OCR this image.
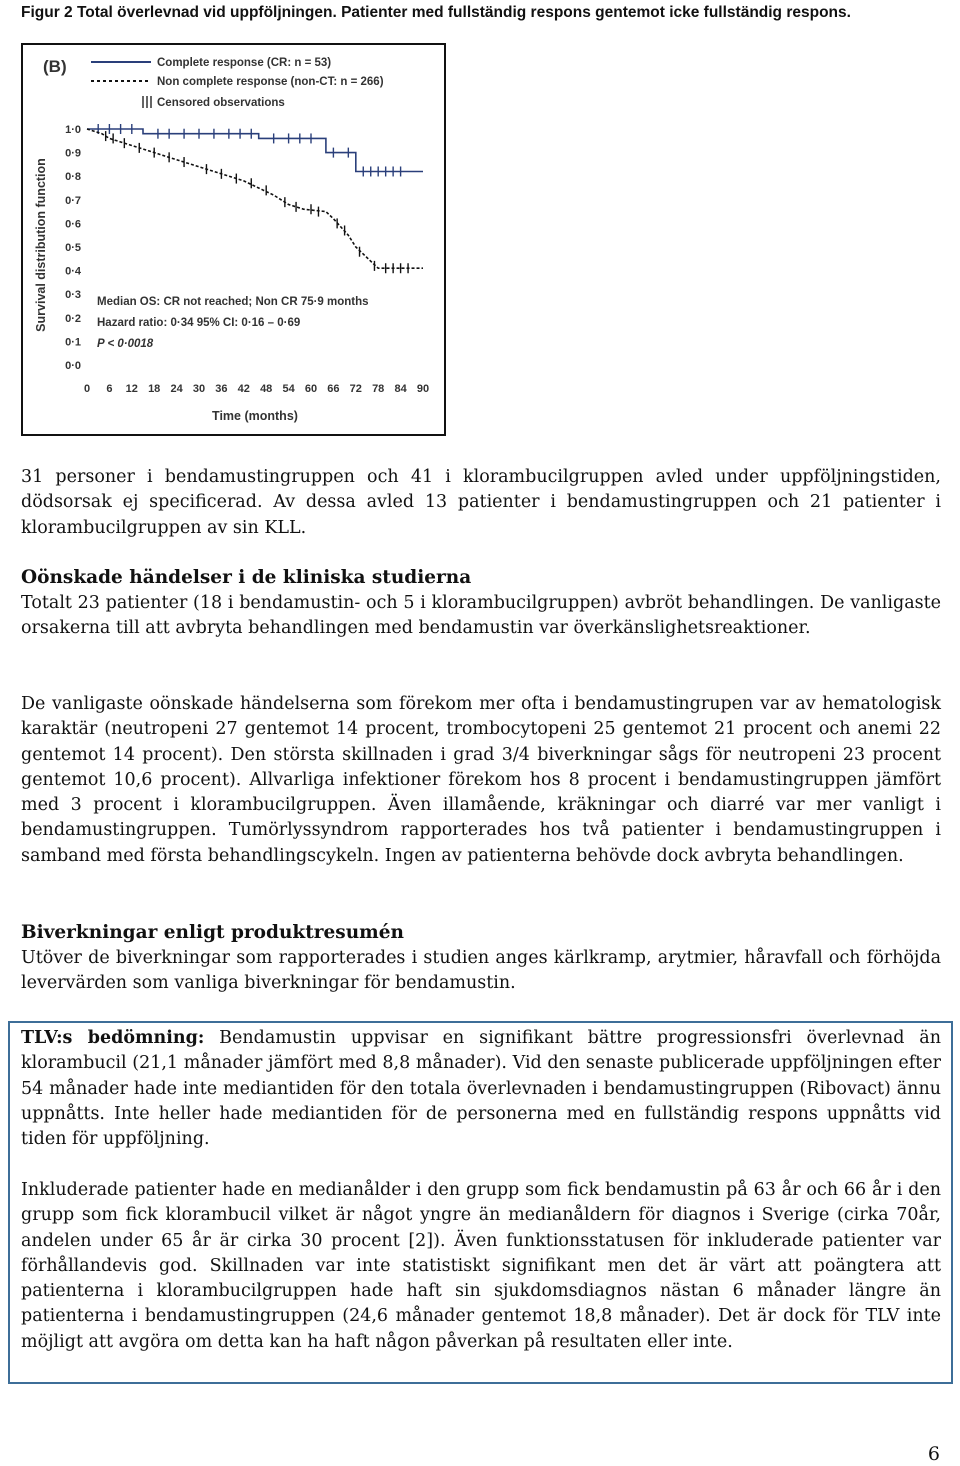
Figur 2 Total överlevnad vid uppföljningen. Patienter med fullständig respons gentemot icke fullständig respons.
(B)	Complete response (CR: n = 53)
Non complete response (non-CT: n = 266)
Censored observations
Survival distribution function
Time (months)
Median OS: CR not reached; Non CR 75·9 months
Hazard ratio: 0·34 95% CI: 0·16 – 0·69
P < 0·0018
0·0
0·1
0·2
0·3
0·4
0·5
0·6
0·7
0·8
0·9
1·0
0 6 12 18 24 30 36 42 48 54 60 66 72 78 84 90

31 personer i bendamustingruppen och 41 i klorambucilgruppen avled under uppföljningstiden, dödsorsak ej specificerad. Av dessa avled 13 patienter i bendamustingruppen och 21 patienter i klorambucilgruppen av sin KLL.

Oönskade händelser i de kliniska studierna

Totalt 23 patienter (18 i bendamustin- och 5 i klorambucilgruppen) avbröt behandlingen. De vanligaste orsakerna till att avbryta behandlingen med bendamustin var överkänslighetsreaktioner.

De vanligaste oönskade händelserna som förekom mer ofta i bendamustingrupen var av hematologisk karaktär (neutropeni 27 gentemot 14 procent, trombocytopeni 25 gentemot 21 procent och anemi 22 gentemot 14 procent). Den största skillnaden i grad 3/4 biverkningar sågs för neutropeni 23 procent gentemot 10,6 procent). Allvarliga infektioner förekom hos 8 procent i bendamustingruppen jämfört med 3 procent i klorambucilgruppen. Även illamående, kräkningar och diarré var mer vanligt i bendamustingruppen. Tumörlyssyndrom rapporterades hos två patienter i bendamustingruppen i samband med första behandlingscykeln. Ingen av patienterna behövde dock avbryta behandlingen.

Biverkningar enligt produktresumén

Utöver de biverkningar som rapporterades i studien anges kärlkramp, arytmier, håravfall och förhöjda levervärden som vanliga biverkningar för bendamustin.

TLV:s bedömning: Bendamustin uppvisar en signifikant bättre progressionsfri överlevnad än klorambucil (21,1 månader jämfört med 8,8 månader). Vid den senaste publicerade uppföljningen efter 54 månader hade inte mediantiden för den totala överlevnaden i bendamustingruppen (Ribovact) ännu uppnåtts. Inte heller hade mediantiden för de personerna med en fullständig respons uppnåtts vid tiden för uppföljning.

Inkluderade patienter hade en medianålder i den grupp som fick bendamustin på 63 år och 66 år i den grupp som fick klorambucil vilket är något yngre än medianåldern för diagnos i Sverige (cirka 70år, andelen under 65 år är cirka 30 procent [2]). Även funktionsstatusen för inkluderade patienter var förhållandevis god. Skillnaden var inte statistiskt signifikant men det är värt att poängtera att patienterna i klorambucilgruppen hade haft sin sjukdomsdiagnos nästan 6 månader längre än patienterna i bendamustingruppen (24,6 månader gentemot 18,8 månader). Det är dock för TLV inte möjligt att avgöra om detta kan ha haft någon påverkan på resultaten eller inte.

6
